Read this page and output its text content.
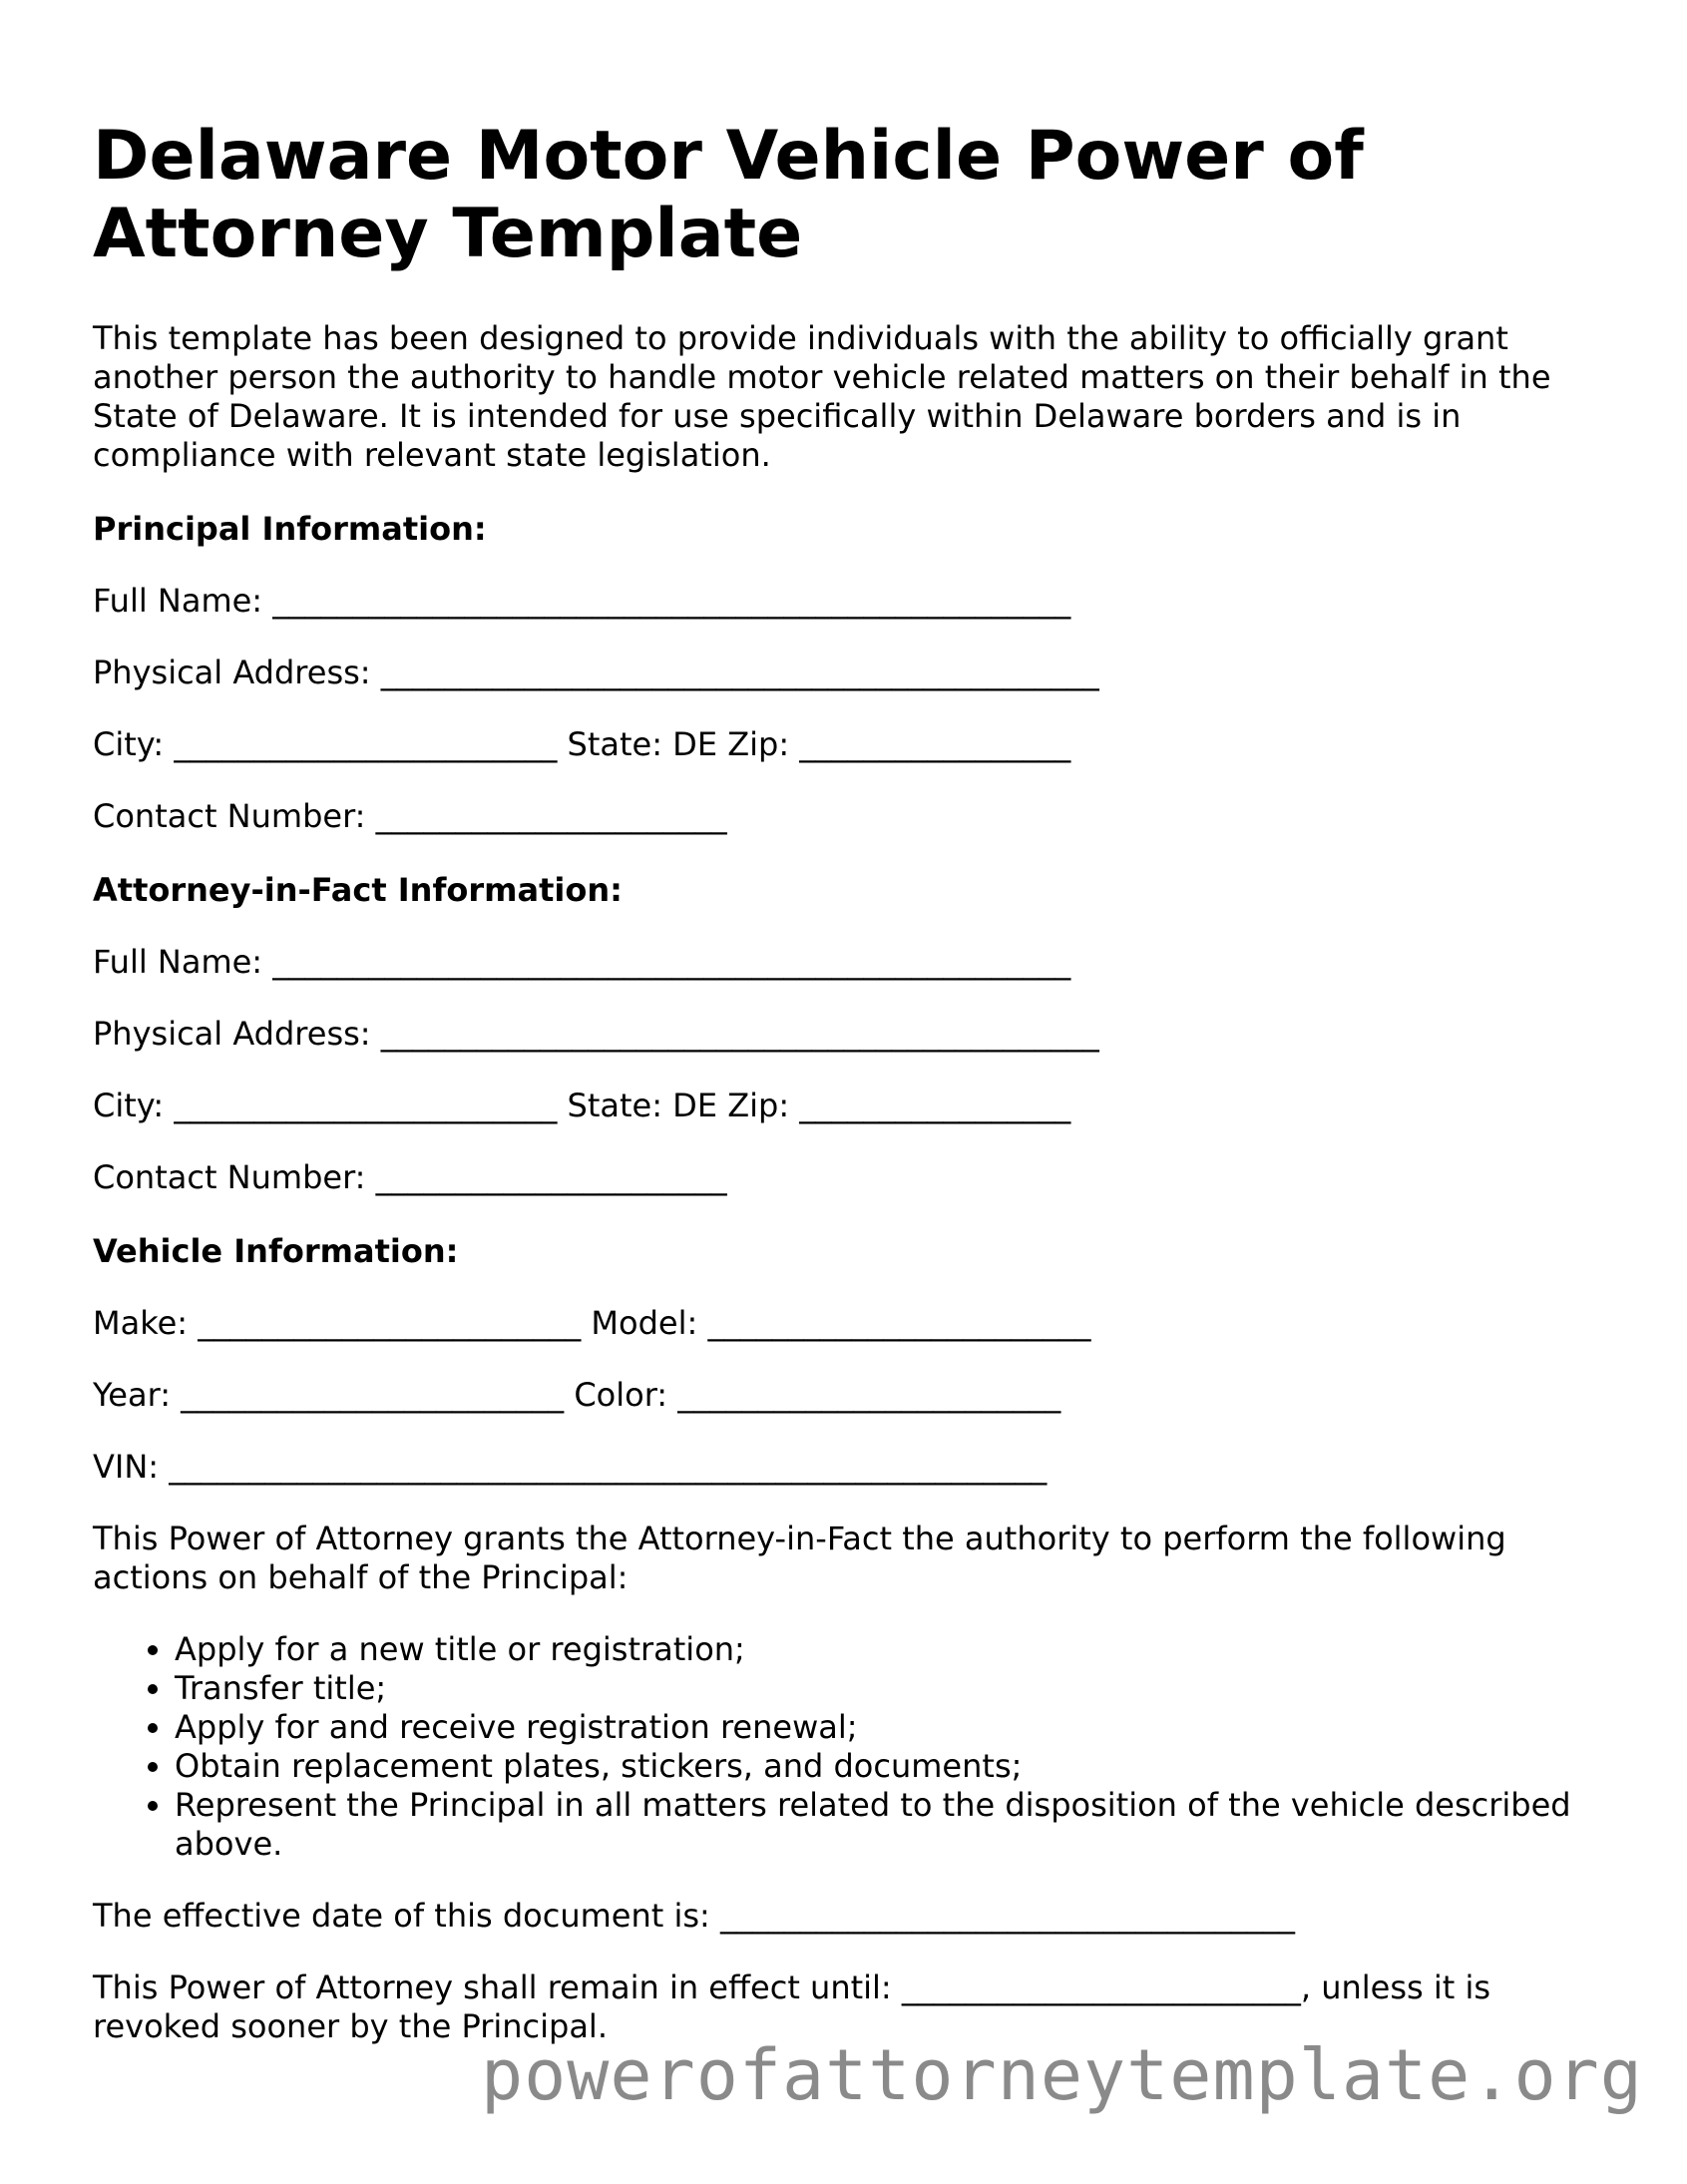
Delaware Motor Vehicle Power of Attorney Template

This template has been designed to provide individuals with the ability to officially grant another person the authority to handle motor vehicle related matters on their behalf in the State of Delaware. It is intended for use specifically within Delaware borders and is in compliance with relevant state legislation.

Principal Information:

Full Name: __________________________________________________

Physical Address: _____________________________________________

City: ________________________ State: DE Zip: _________________

Contact Number: ______________________

Attorney-in-Fact Information:

Full Name: __________________________________________________

Physical Address: _____________________________________________

City: ________________________ State: DE Zip: _________________

Contact Number: ______________________

Vehicle Information:

Make: ________________________ Model: ________________________

Year: ________________________ Color: ________________________

VIN: _______________________________________________________

This Power of Attorney grants the Attorney-in-Fact the authority to perform the following actions on behalf of the Principal:

• Apply for a new title or registration;
• Transfer title;
• Apply for and receive registration renewal;
• Obtain replacement plates, stickers, and documents;
• Represent the Principal in all matters related to the disposition of the vehicle described above.

The effective date of this document is: ____________________________________

This Power of Attorney shall remain in effect until: _________________________, unless it is revoked sooner by the Principal.

powerofattorneytemplate.org
